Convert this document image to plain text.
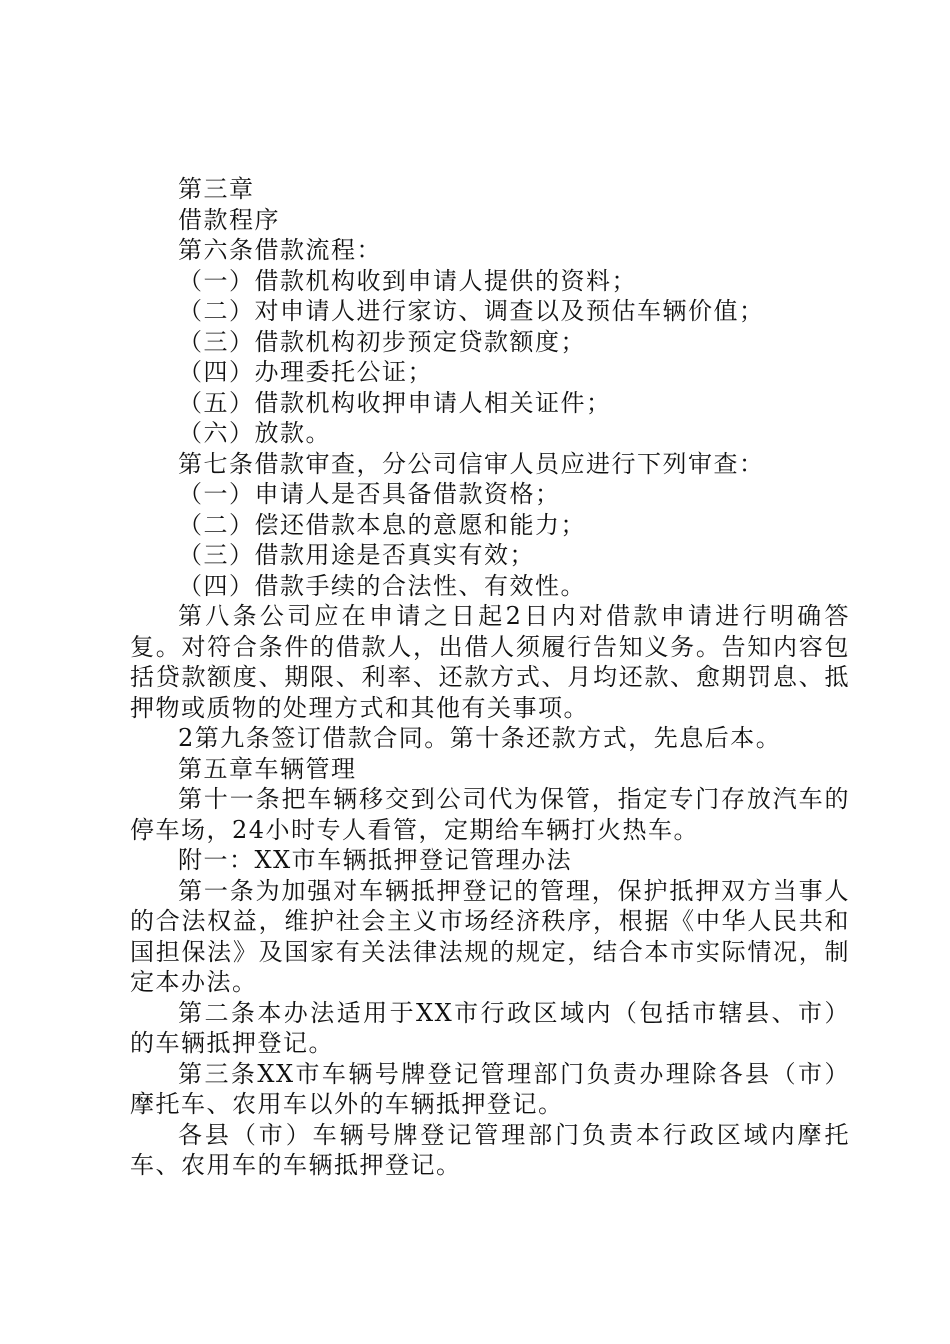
第三章
借款程序
第六条借款流程：
（一）借款机构收到申请人提供的资料；
（二）对申请人进行家访、调查以及预估车辆价值；
（三）借款机构初步预定贷款额度；
（四）办理委托公证；
（五）借款机构收押申请人相关证件；
（六）放款。
第七条借款审查，分公司信审人员应进行下列审查：
（一）申请人是否具备借款资格；
（二）偿还借款本息的意愿和能力；
（三）借款用途是否真实有效；
（四）借款手续的合法性、有效性。

第八条公司应在申请之日起2日内对借款申请进行明确答复。对符合条件的借款人，出借人须履行告知义务。告知内容包括贷款额度、期限、利率、还款方式、月均还款、愈期罚息、抵押物或质物的处理方式和其他有关事项。

2第九条签订借款合同。第十条还款方式，先息后本。

第五章车辆管理

第十一条把车辆移交到公司代为保管，指定专门存放汽车的停车场，24小时专人看管，定期给车辆打火热车。

附一：XX市车辆抵押登记管理办法

第一条为加强对车辆抵押登记的管理，保护抵押双方当事人的合法权益，维护社会主义市场经济秩序，根据《中华人民共和国担保法》及国家有关法律法规的规定，结合本市实际情况，制定本办法。

第二条本办法适用于XX市行政区域内（包括市辖县、市）的车辆抵押登记。

第三条XX市车辆号牌登记管理部门负责办理除各县（市）摩托车、农用车以外的车辆抵押登记。

各县（市）车辆号牌登记管理部门负责本行政区域内摩托车、农用车的车辆抵押登记。
